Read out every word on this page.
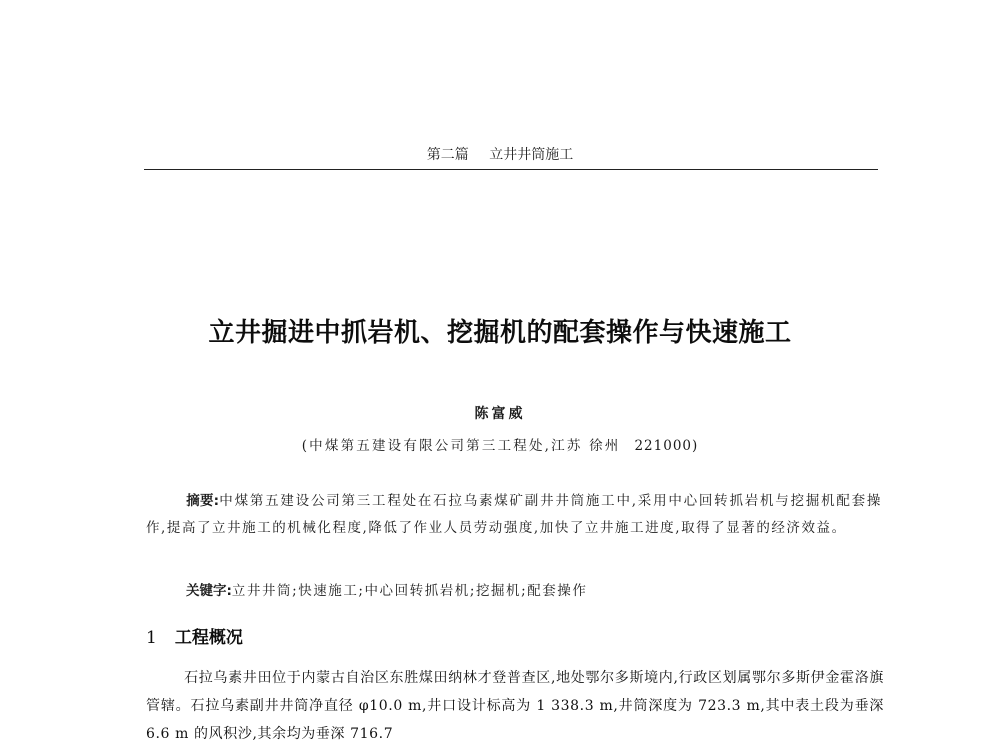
第二篇 立井井筒施工
立井掘进中抓岩机、挖掘机的配套操作与快速施工
陈富威
(中煤第五建设有限公司第三工程处,江苏 徐州 221000)
摘要:中煤第五建设公司第三工程处在石拉乌素煤矿副井井筒施工中,采用中心回转抓岩机与挖掘机配套操作,提高了立井施工的机械化程度,降低了作业人员劳动强度,加快了立井施工进度,取得了显著的经济效益。
关键字:立井井筒;快速施工;中心回转抓岩机;挖掘机;配套操作
1 工程概况
石拉乌素井田位于内蒙古自治区东胜煤田纳林才登普查区,地处鄂尔多斯境内,行政区划属鄂尔多斯伊金霍洛旗管辖。石拉乌素副井井筒净直径 φ10.0 m,井口设计标高为 1 338.3 m,井筒深度为 723.3 m,其中表土段为垂深 6.6 m 的风积沙,其余均为垂深 716.7
